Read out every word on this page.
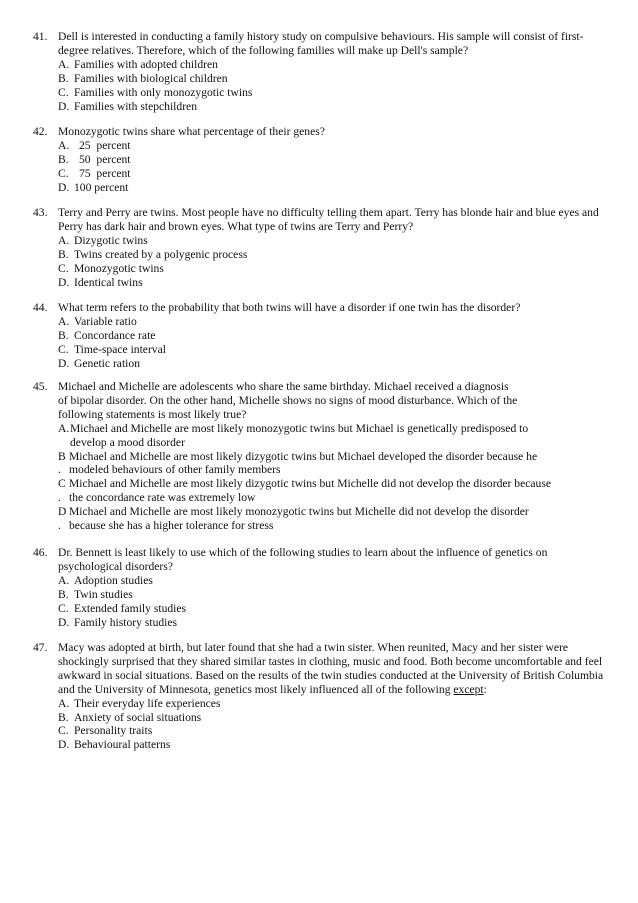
41. Dell is interested in conducting a family history study on compulsive behaviours. His sample will consist of first-degree relatives. Therefore, which of the following families will make up Dell's sample?
A. Families with adopted children
B. Families with biological children
C. Families with only monozygotic twins
D. Families with stepchildren
42. Monozygotic twins share what percentage of their genes?
A. 25  percent
B. 50  percent
C. 75  percent
D. 100 percent
43. Terry and Perry are twins. Most people have no difficulty telling them apart. Terry has blonde hair and blue eyes and Perry has dark hair and brown eyes. What type of twins are Terry and Perry?
A. Dizygotic twins
B. Twins created by a polygenic process
C. Monozygotic twins
D. Identical twins
44. What term refers to the probability that both twins will have a disorder if one twin has the disorder?
A. Variable ratio
B. Concordance rate
C. Time-space interval
D. Genetic ration
45. Michael and Michelle are adolescents who share the same birthday. Michael received a diagnosis
of bipolar disorder. On the other hand, Michelle shows no signs of mood disturbance. Which of the
following statements is most likely true?
A. Michael and Michelle are most likely monozygotic twins but Michael is genetically predisposed to
develop a mood disorder
B Michael and Michelle are most likely dizygotic twins but Michael developed the disorder because he
. modeled behaviours of other family members
C Michael and Michelle are most likely dizygotic twins but Michelle did not develop the disorder because
. the concordance rate was extremely low
D Michael and Michelle are most likely monozygotic twins but Michelle did not develop the disorder
. because she has a higher tolerance for stress
46. Dr. Bennett is least likely to use which of the following studies to learn about the influence of genetics on psychological disorders?
A. Adoption studies
B. Twin studies
C. Extended family studies
D. Family history studies
47. Macy was adopted at birth, but later found that she had a twin sister. When reunited, Macy and her sister were shockingly surprised that they shared similar tastes in clothing, music and food. Both become uncomfortable and feel awkward in social situations. Based on the results of the twin studies conducted at the University of British Columbia and the University of Minnesota, genetics most likely influenced all of the following except:
A. Their everyday life experiences
B. Anxiety of social situations
C. Personality traits
D. Behavioural patterns
